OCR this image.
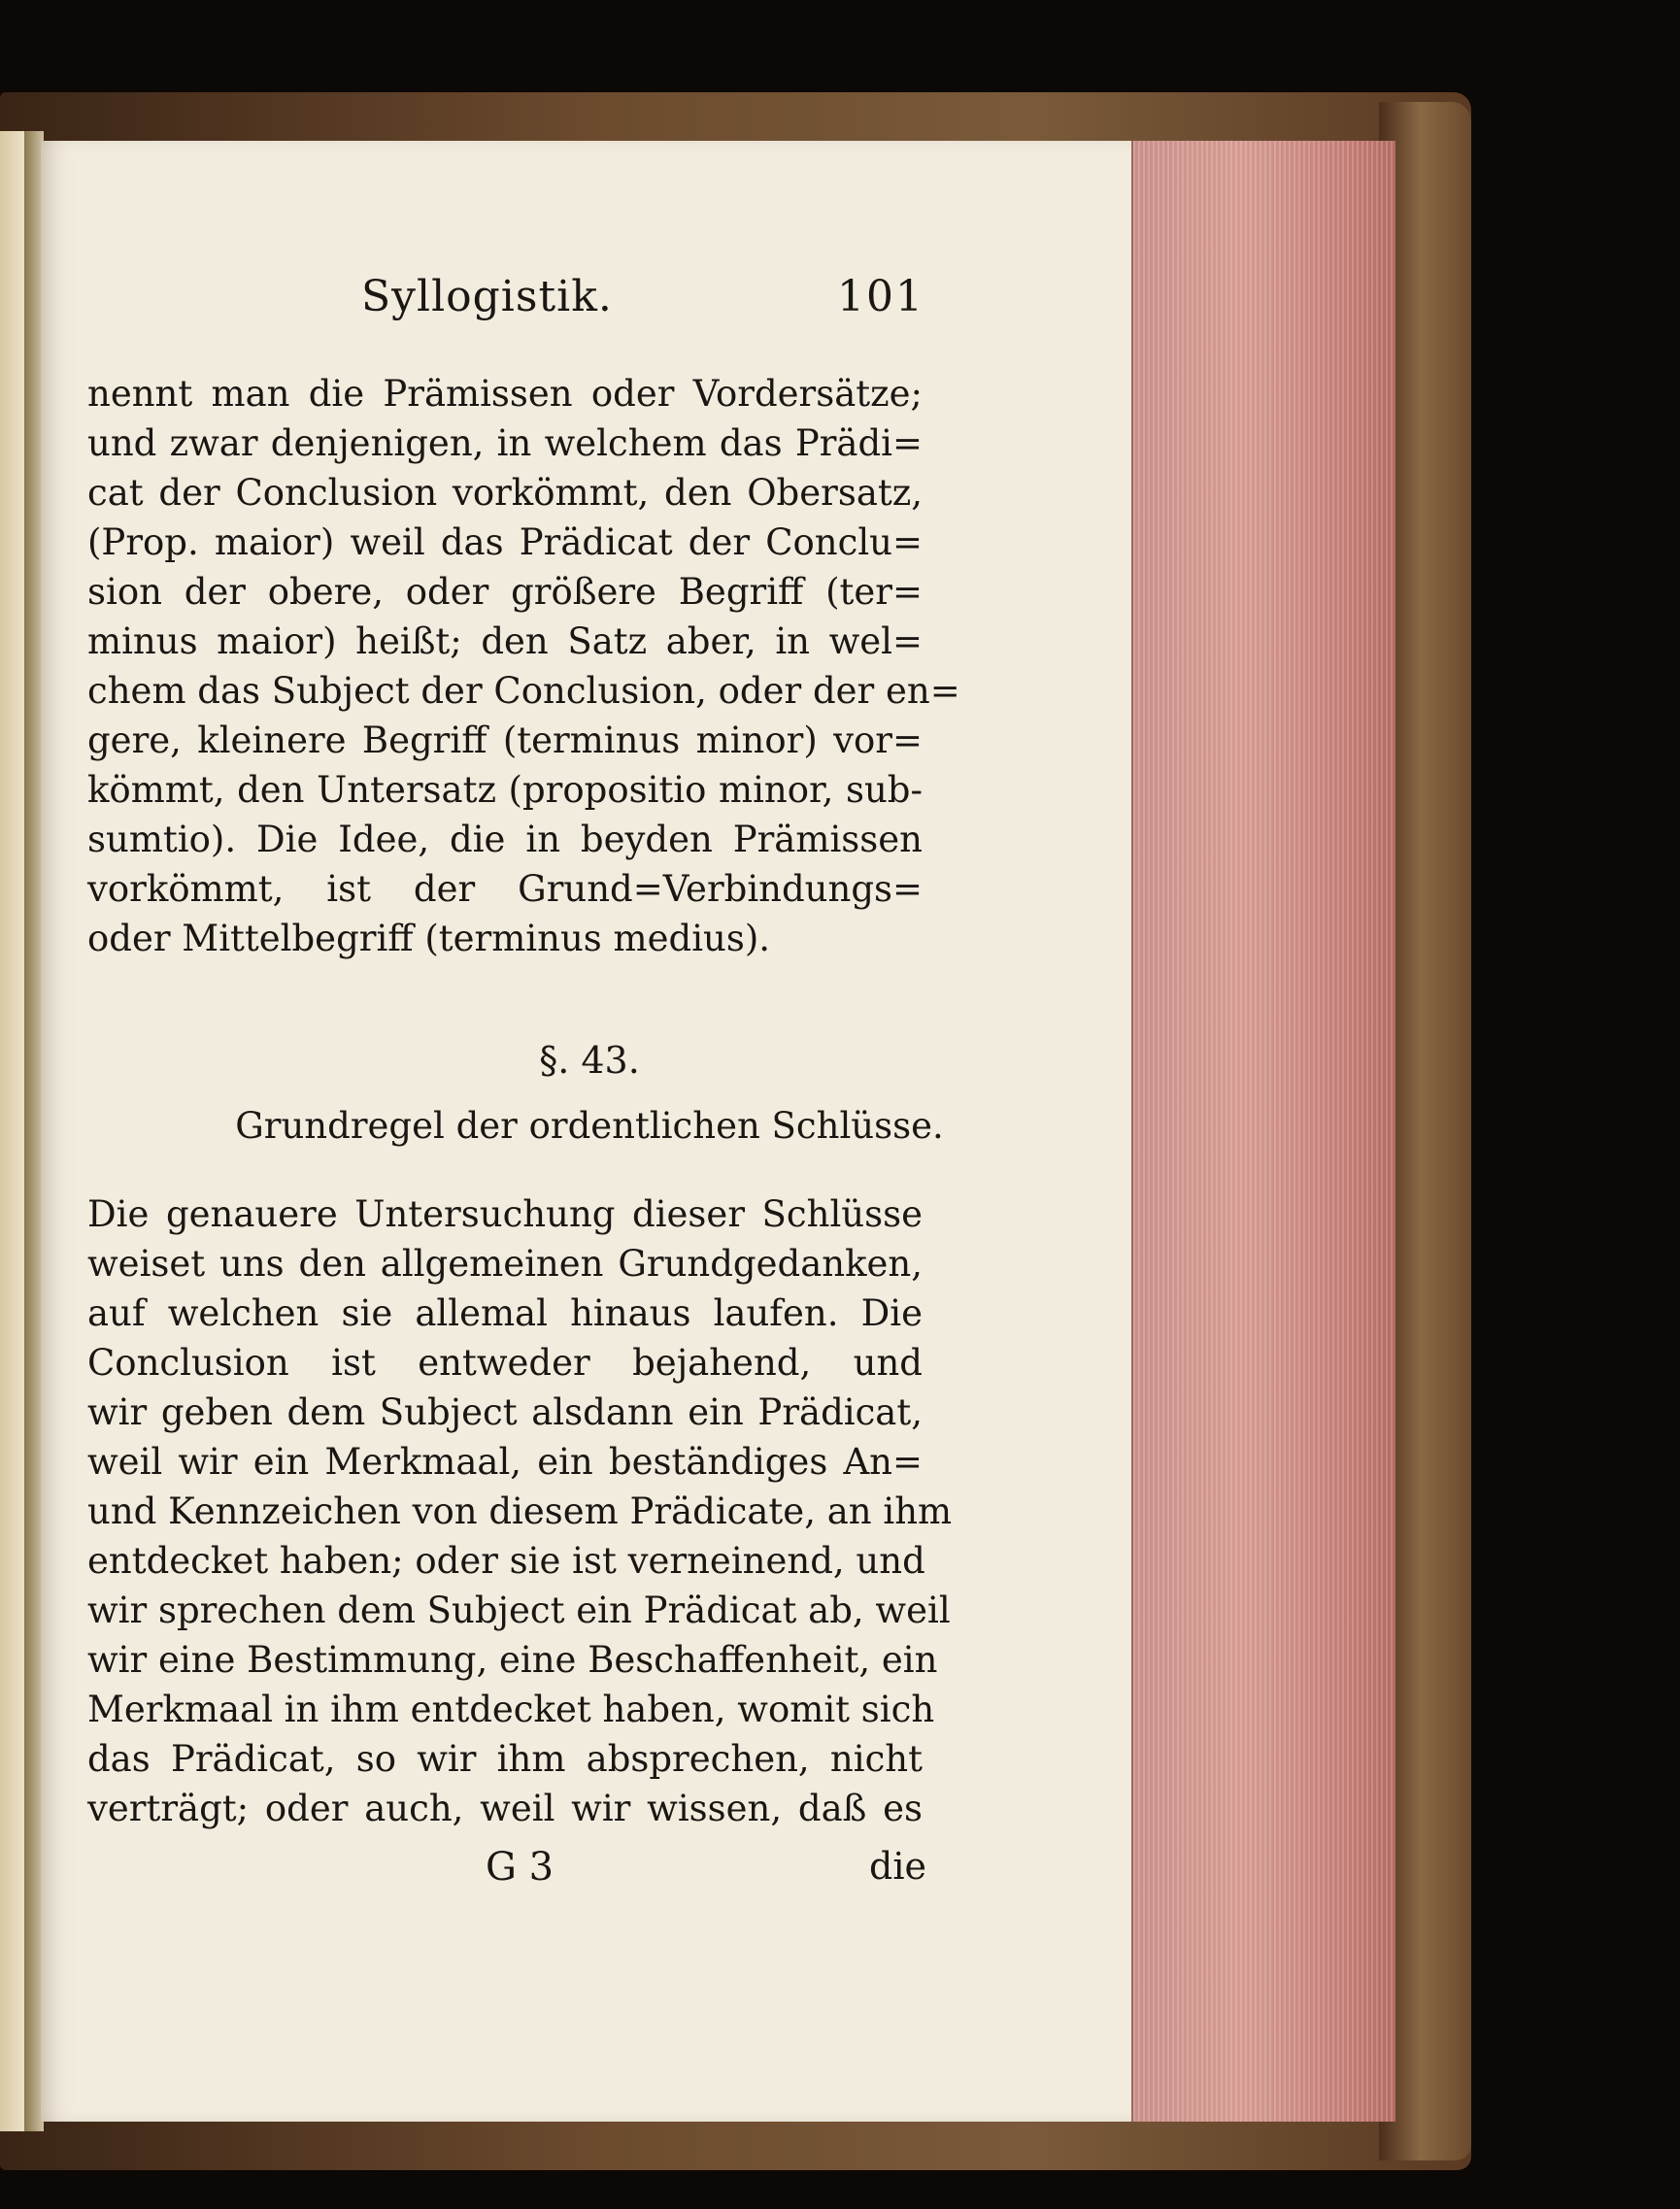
Syllogistik.	101
nennt man die Prämissen oder Vordersätze;
und zwar denjenigen, in welchem das Prädi=
cat der Conclusion vorkömmt, den Obersatz,
(Prop. maior) weil das Prädicat der Conclu=
sion der obere, oder größere Begriff (ter=
minus maior) heißt; den Satz aber, in wel=
chem das Subject der Conclusion, oder der en=
gere, kleinere Begriff (terminus minor) vor=
kömmt, den Untersatz (propositio minor, sub-
sumtio). Die Idee, die in beyden Prämissen
vorkömmt, ist der Grund=Verbindungs=
oder Mittelbegriff (terminus medius).
§. 43.
Grundregel der ordentlichen Schlüsse.
Die genauere Untersuchung dieser Schlüsse
weiset uns den allgemeinen Grundgedanken,
auf welchen sie allemal hinaus laufen. Die
Conclusion ist entweder bejahend, und
wir geben dem Subject alsdann ein Prädicat,
weil wir ein Merkmaal, ein beständiges An=
und Kennzeichen von diesem Prädicate, an ihm
entdecket haben; oder sie ist verneinend, und
wir sprechen dem Subject ein Prädicat ab, weil
wir eine Bestimmung, eine Beschaffenheit, ein
Merkmaal in ihm entdecket haben, womit sich
das Prädicat, so wir ihm absprechen, nicht
verträgt; oder auch, weil wir wissen, daß es
G 3	die
